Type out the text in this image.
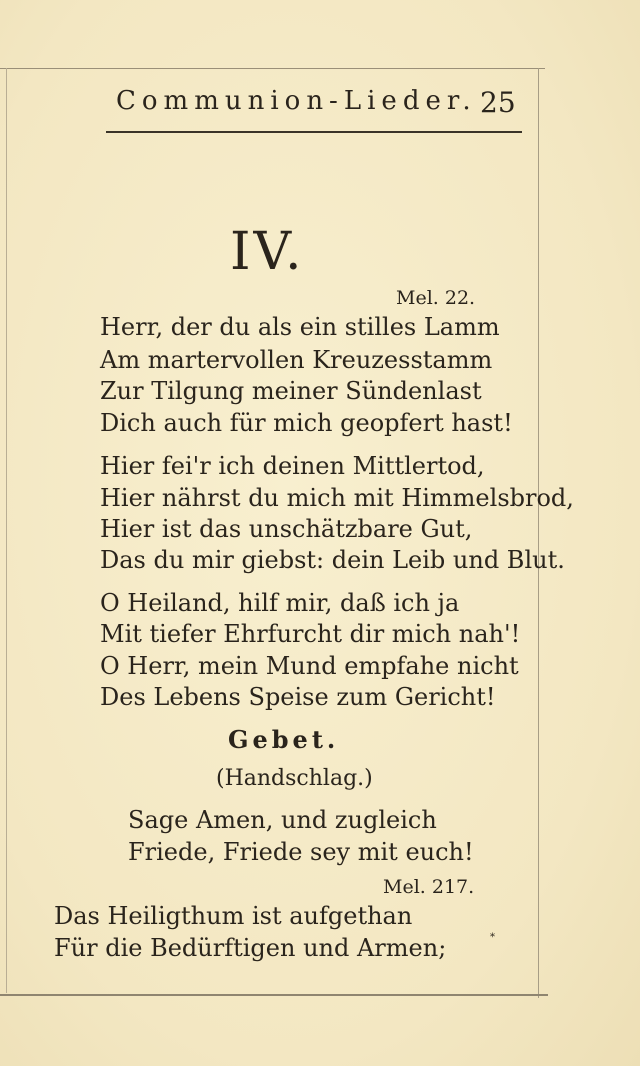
Communion-Lieder. 25
IV.
Mel. 22.
Herr, der du als ein stilles Lamm
Am martervollen Kreuzesstamm
Zur Tilgung meiner Sündenlast
Dich auch für mich geopfert hast!
Hier fei'r ich deinen Mittlertod,
Hier nährst du mich mit Himmelsbrod,
Hier ist das unschätzbare Gut,
Das du mir giebst: dein Leib und Blut.
O Heiland, hilf mir, daß ich ja
Mit tiefer Ehrfurcht dir mich nah'!
O Herr, mein Mund empfahe nicht
Des Lebens Speise zum Gericht!
Gebet.
(Handschlag.)
Sage Amen, und zugleich
Friede, Friede sey mit euch!
Mel. 217.
Das Heiligthum ist aufgethan
Für die Bedürftigen und Armen;	*
